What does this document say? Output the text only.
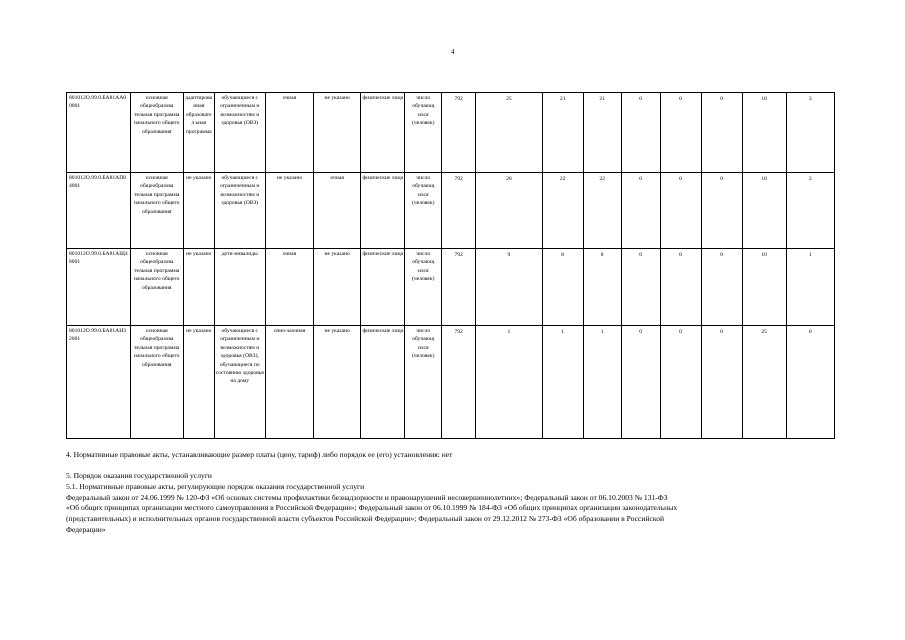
4
801012О.99.0.БА81АА00001	основная общеобразова тельная программа начального общего образования	адаптирова нная образовател ьная программа	обучающиеся с ограниченным и возможностям и здоровья (ОВЗ)	очная	не указано	физические лица	число обучающ ихся (человек)	792	25	21	21	0	0	0	10	3
801012О.99.0.БА81АП04001	основная общеобразова тельная программа начального общего образования	не указано	обучающиеся с ограниченным и возможностям и здоровья (ОВЗ)	не указано	очная	физические лица	число обучающ ихся (человек)	792	20	22	22	0	0	0	10	2
801012О.99.0.БА81АЩ48001	основная общеобразова тельная программа начального общего образования	не указано	дети-инвалиды	очная	не указано	физические лица	число обучающ ихся (человек)	792	9	8	8	0	0	0	10	1
801012О.99.0.БА81АН32001	основная общеобразова тельная программа начального общего образования	не указано	обучающиеся с ограниченным и возможностям и здоровья (ОВЗ), обучающиеся по состоянию здоровья на дому	очно-заочная	не указано	физические лица	число обучающ ихся (человек)	792	1	1	1	0	0	0	25	0
4. Нормативные правовые акты, устанавливающие размер платы (цену, тариф) либо порядок ее (его) установления: нет
5. Порядок оказания государственной услуги
5.1. Нормативные правовые акты, регулирующие порядок оказания государственной услуги
Федеральный закон от 24.06.1999 № 120-ФЗ «Об основах системы профилактики безнадзорности и правонарушений несовершеннолетних»; Федеральный закон от 06.10.2003 № 131-ФЗ
«Об общих принципах организации местного самоуправления в Российской Федерации»; Федеральный закон от 06.10.1999 № 184-ФЗ «Об общих принципах организации законодательных
(представительных) и исполнительных органов государственной власти субъектов Российской Федерации»; Федеральный закон от 29.12.2012 № 273-ФЗ «Об образовании в Российской
Федерации»
